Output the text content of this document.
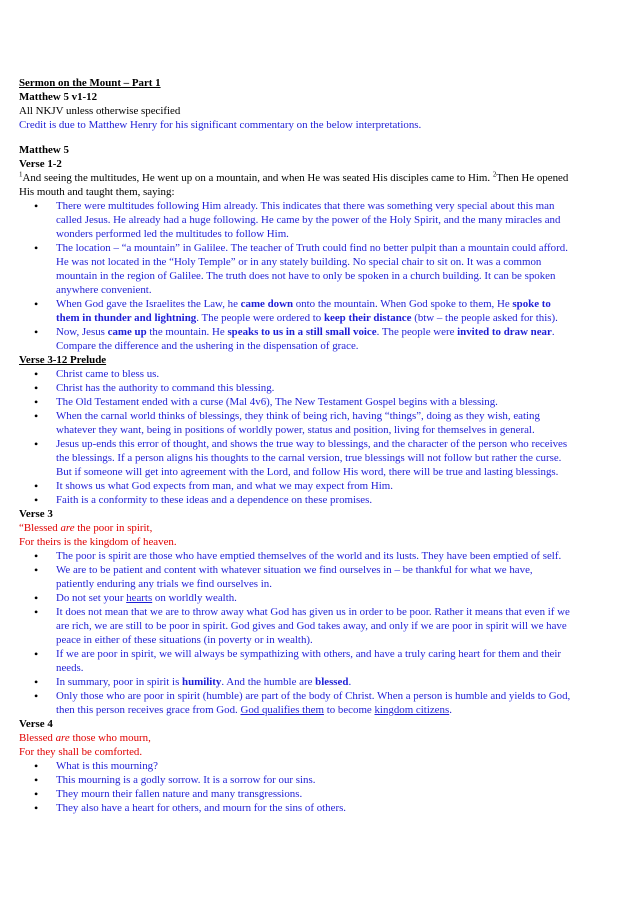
Sermon on the Mount – Part 1
Matthew 5 v1-12
All NKJV unless otherwise specified
Credit is due to Matthew Henry for his significant commentary on the below interpretations.
Matthew 5
Verse 1-2
$^1$And seeing the multitudes, He went up on a mountain, and when He was seated His disciples came to Him. $^2$Then He opened
His mouth and taught them, saying:
• There were multitudes following Him already. This indicates that there was something very special about this man
called Jesus. He already had a huge following. He came by the power of the Holy Spirit, and the many miracles and
wonders performed led the multitudes to follow Him.
• The location – “a mountain” in Galilee. The teacher of Truth could find no better pulpit than a mountain could afford.
He was not located in the “Holy Temple” or in any stately building. No special chair to sit on. It was a common
mountain in the region of Galilee. The truth does not have to only be spoken in a church building. It can be spoken
anywhere convenient.
• When God gave the Israelites the Law, he came down onto the mountain. When God spoke to them, He spoke to
them in thunder and lightning. The people were ordered to keep their distance (btw – the people asked for this).
• Now, Jesus came up the mountain. He speaks to us in a still small voice. The people were invited to draw near.
Compare the difference and the ushering in the dispensation of grace.
Verse 3-12 Prelude
• Christ came to bless us.
• Christ has the authority to command this blessing.
• The Old Testament ended with a curse (Mal 4v6), The New Testament Gospel begins with a blessing.
• When the carnal world thinks of blessings, they think of being rich, having “things”, doing as they wish, eating
whatever they want, being in positions of worldly power, status and position, living for themselves in general.
• Jesus up-ends this error of thought, and shows the true way to blessings, and the character of the person who receives
the blessings. If a person aligns his thoughts to the carnal version, true blessings will not follow but rather the curse.
But if someone will get into agreement with the Lord, and follow His word, there will be true and lasting blessings.
• It shows us what God expects from man, and what we may expect from Him.
• Faith is a conformity to these ideas and a dependence on these promises.
Verse 3
“Blessed are the poor in spirit,
For theirs is the kingdom of heaven.
• The poor is spirit are those who have emptied themselves of the world and its lusts. They have been emptied of self.
• We are to be patient and content with whatever situation we find ourselves in – be thankful for what we have,
patiently enduring any trials we find ourselves in.
• Do not set your hearts on worldly wealth.
• It does not mean that we are to throw away what God has given us in order to be poor. Rather it means that even if we
are rich, we are still to be poor in spirit. God gives and God takes away, and only if we are poor in spirit will we have
peace in either of these situations (in poverty or in wealth).
• If we are poor in spirit, we will always be sympathizing with others, and have a truly caring heart for them and their
needs.
• In summary, poor in spirit is humility. And the humble are blessed.
• Only those who are poor in spirit (humble) are part of the body of Christ. When a person is humble and yields to God,
then this person receives grace from God. God qualifies them to become kingdom citizens.
Verse 4
Blessed are those who mourn,
For they shall be comforted.
• What is this mourning?
• This mourning is a godly sorrow. It is a sorrow for our sins.
• They mourn their fallen nature and many transgressions.
• They also have a heart for others, and mourn for the sins of others.
